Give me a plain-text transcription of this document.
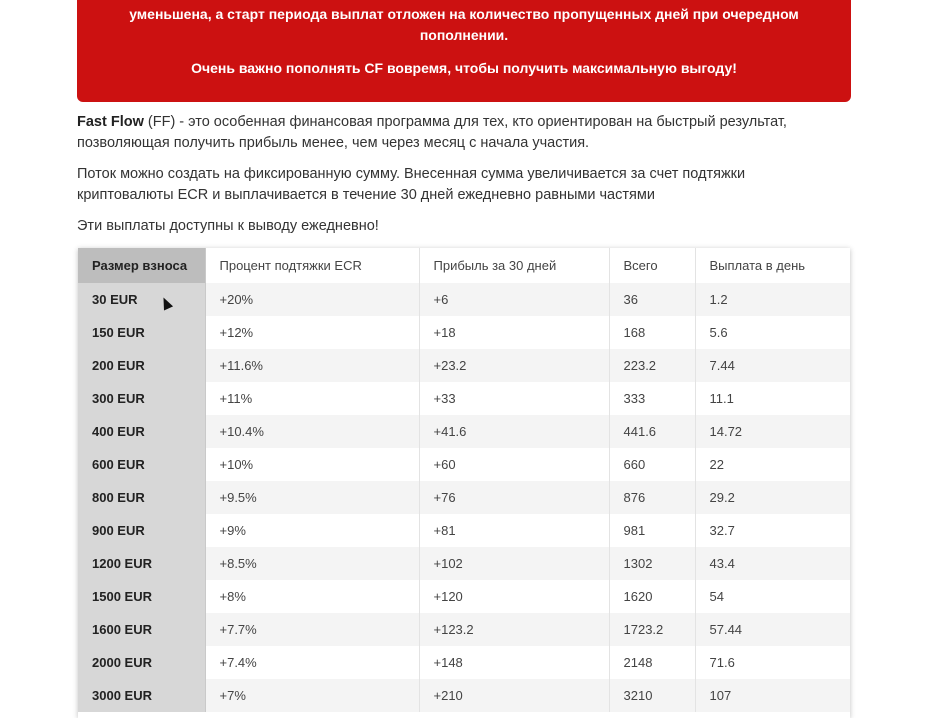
уменьшена, а старт периода выплат отложен на количество пропущенных дней при очередном
пополнении.
Очень важно пополнять CF вовремя, чтобы получить максимальную выгоду!
Fast Flow (FF) - это особенная финансовая программа для тех, кто ориентирован на быстрый результат,
позволяющая получить прибыль менее, чем через месяц с начала участия.
Поток можно создать на фиксированную сумму. Внесенная сумма увеличивается за счет подтяжки
криптовалюты ECR и выплачивается в течение 30 дней ежедневно равными частями
Эти выплаты доступны к выводу ежедневно!
Размер взноса	Процент подтяжки ECR	Прибыль за 30 дней	Всего	Выплата в день
30 EUR	+20%	+6	36	1.2
150 EUR	+12%	+18	168	5.6
200 EUR	+11.6%	+23.2	223.2	7.44
300 EUR	+11%	+33	333	11.1
400 EUR	+10.4%	+41.6	441.6	14.72
600 EUR	+10%	+60	660	22
800 EUR	+9.5%	+76	876	29.2
900 EUR	+9%	+81	981	32.7
1200 EUR	+8.5%	+102	1302	43.4
1500 EUR	+8%	+120	1620	54
1600 EUR	+7.7%	+123.2	1723.2	57.44
2000 EUR	+7.4%	+148	2148	71.6
3000 EUR	+7%	+210	3210	107
